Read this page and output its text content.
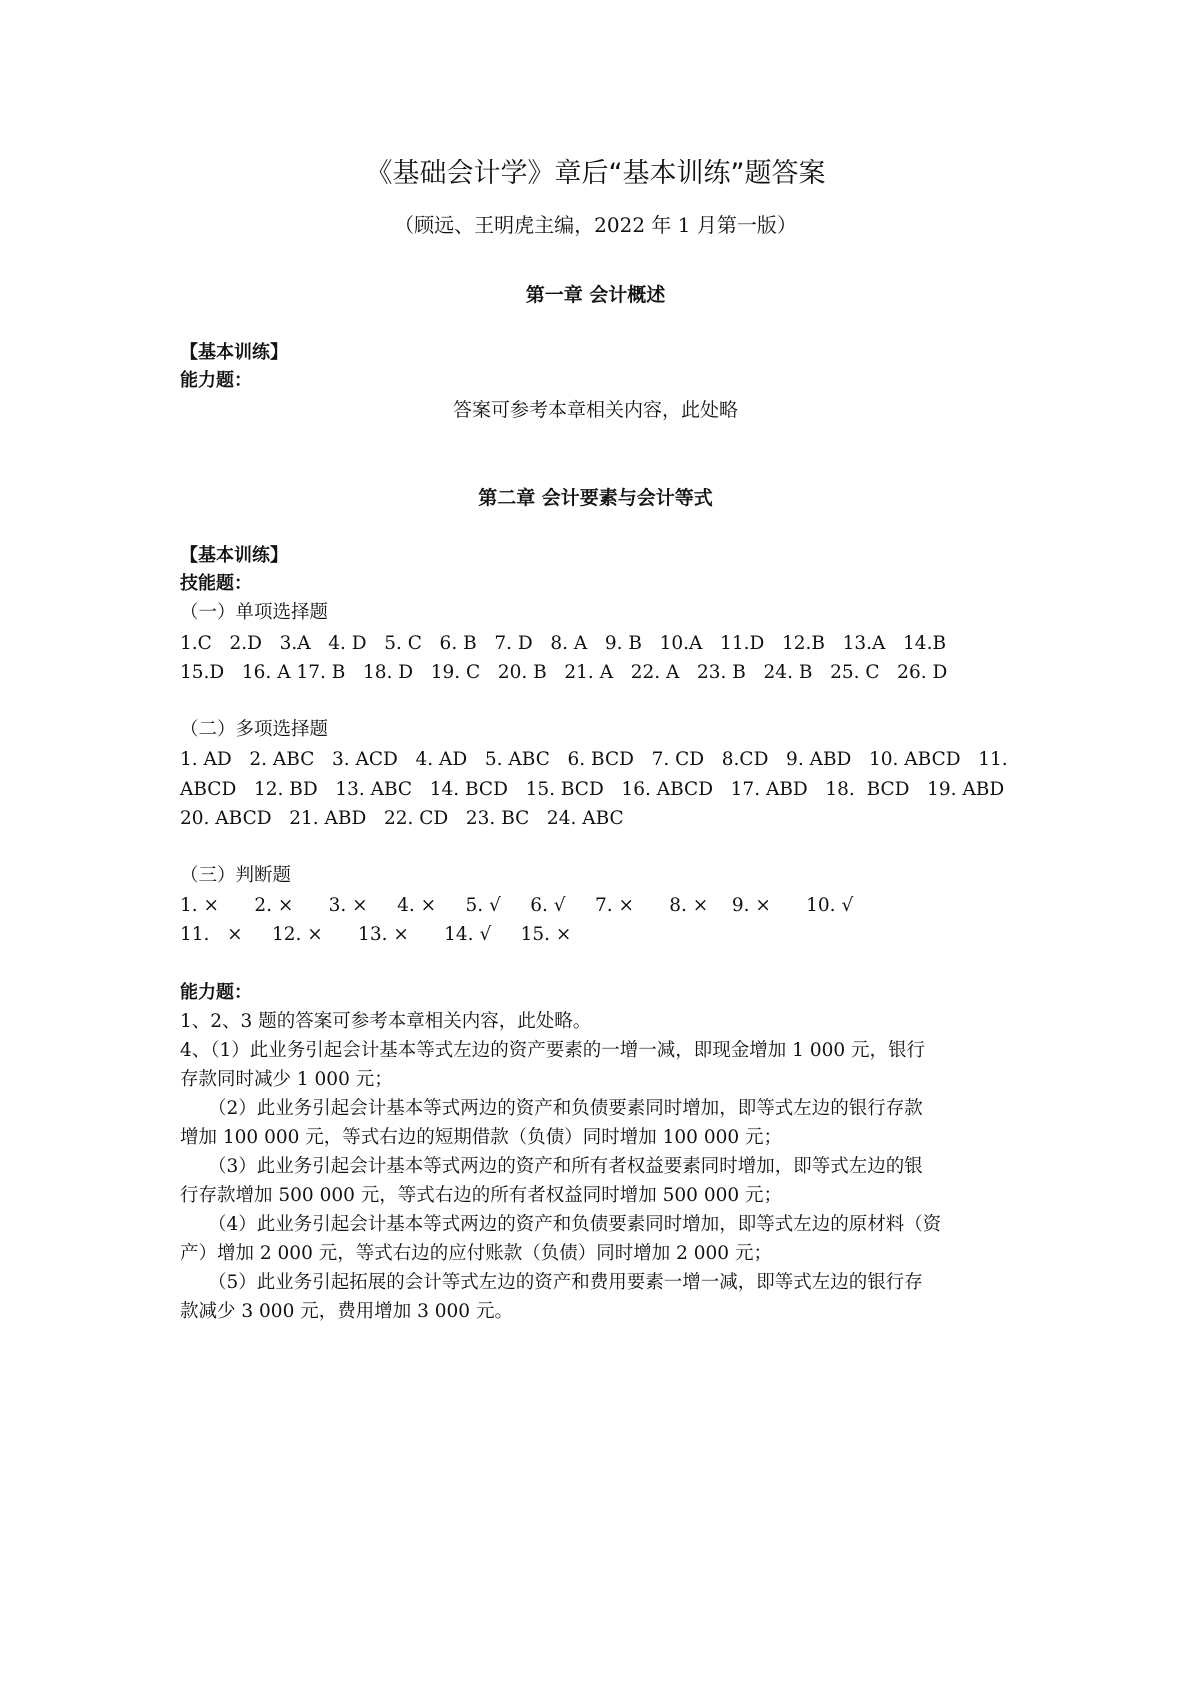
《基础会计学》章后“基本训练”题答案
（顾远、王明虎主编，2022 年 1 月第一版）
第一章 会计概述
【基本训练】
能力题：
答案可参考本章相关内容，此处略
第二章 会计要素与会计等式
【基本训练】
技能题：
（一）单项选择题
1.C   2.D   3.A   4. D   5. C   6. B   7. D   8. A   9. B   10.A   11.D   12.B   13.A   14.B
15.D   16. A 17. B   18. D   19. C   20. B   21. A   22. A   23. B   24. B   25. C   26. D
（二）多项选择题
1. AD   2. ABC   3. ACD   4. AD   5. ABC   6. BCD   7. CD   8.CD   9. ABD   10. ABCD   11.
ABCD   12. BD   13. ABC   14. BCD   15. BCD   16. ABCD   17. ABD   18.  BCD   19. ABD
20. ABCD   21. ABD   22. CD   23. BC   24. ABC
（三）判断题
1. ×      2. ×      3. ×     4. ×     5. √     6. √     7. ×      8. ×    9. ×      10. √
11.   ×     12. ×      13. ×      14. √     15. ×
能力题：
1、2、3 题的答案可参考本章相关内容，此处略。
4、（1）此业务引起会计基本等式左边的资产要素的一增一减，即现金增加 1 000 元，银行
存款同时减少 1 000 元；
（2）此业务引起会计基本等式两边的资产和负债要素同时增加，即等式左边的银行存款
增加 100 000 元，等式右边的短期借款（负债）同时增加 100 000 元；
（3）此业务引起会计基本等式两边的资产和所有者权益要素同时增加，即等式左边的银
行存款增加 500 000 元，等式右边的所有者权益同时增加 500 000 元；
（4）此业务引起会计基本等式两边的资产和负债要素同时增加，即等式左边的原材料（资
产）增加 2 000 元，等式右边的应付账款（负债）同时增加 2 000 元；
（5）此业务引起拓展的会计等式左边的资产和费用要素一增一减，即等式左边的银行存
款减少 3 000 元，费用增加 3 000 元。
